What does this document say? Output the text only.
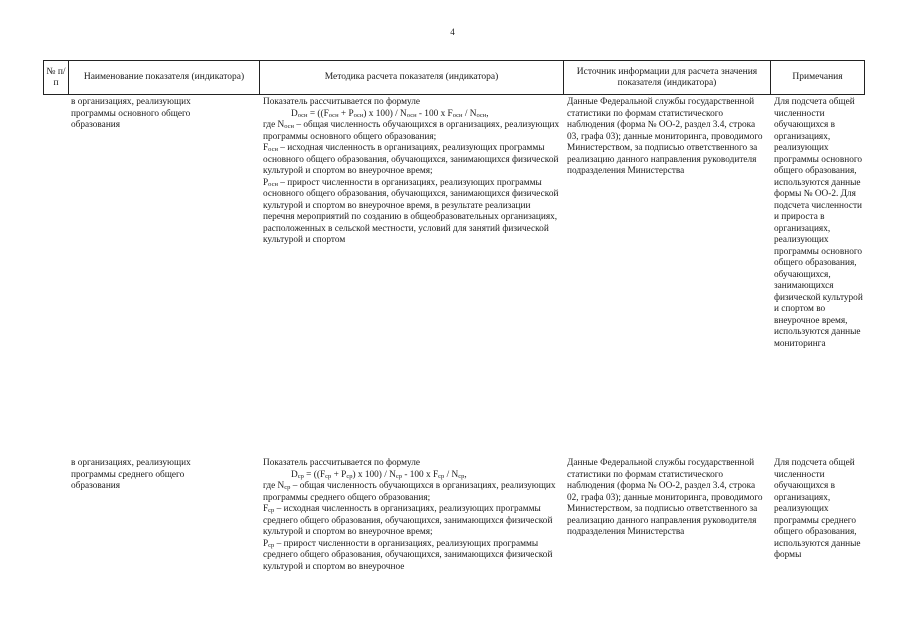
4
№ п/п
Наименование показателя (индикатора)	Методика расчета показателя (индикатора)
Источник информации для расчета значения показателя (индикатора)
Примечания
в организациях, реализующих программы основного общего образования

Показатель рассчитывается по формуле

$D_{осн} = ((F_{осн} + P_{осн})$ x $100) / N_{осн} - 100$ x $F_{осн} / N_{осн}$,

где $N_{осн}$ – общая численность обучающихся в организациях, реализующих программы основного общего образования;

$F_{осн}$ – исходная численность в организациях, реализующих программы основного общего образования, обучающихся, занимающихся физической культурой и спортом во внеурочное время;

$P_{осн}$ – прирост численности в организациях, реализующих программы основного общего образования, обучающихся, занимающихся физической культурой и спортом во внеурочное время, в результате реализации перечня мероприятий по созданию в общеобразовательных организациях, расположенных в сельской местности, условий для занятий физической культурой и спортом

Данные Федеральной службы государственной статистики по формам статистического наблюдения (форма № ОО-2, раздел 3.4, строка 03, графа 03); данные мониторинга, проводимого Министерством, за подписью ответственного за реализацию данного направления руководителя подразделения Министерства
Для подсчета общей численности обучающихся в организациях, реализующих программы основного общего образования, используются данные формы № ОО-2. Для подсчета численности и прироста в организациях, реализующих программы основного общего образования, обучающихся, занимающихся физической культурой и спортом во внеурочное время, используются данные мониторинга
в организациях, реализующих программы среднего общего образования

Показатель рассчитывается по формуле

$D_{ср} = ((F_{ср} + P_{ср})$ x $100) / N_{ср} - 100$ x $F_{ср} / N_{ср}$,

где $N_{ср}$ – общая численность обучающихся в организациях, реализующих программы среднего общего образования;

$F_{ср}$ – исходная численность в организациях, реализующих программы среднего общего образования, обучающихся, занимающихся физической культурой и спортом во внеурочное время;

$P_{ср}$ – прирост численности в организациях, реализующих программы среднего общего образования, обучающихся, занимающихся физической культурой и спортом во внеурочное

Данные Федеральной службы государственной статистики по формам статистического наблюдения (форма № ОО-2, раздел 3.4, строка 02, графа 03); данные мониторинга, проводимого Министерством, за подписью ответственного за реализацию данного направления руководителя подразделения Министерства
Для подсчета общей численности обучающихся в организациях, реализующих программы среднего общего образования, используются данные формы
